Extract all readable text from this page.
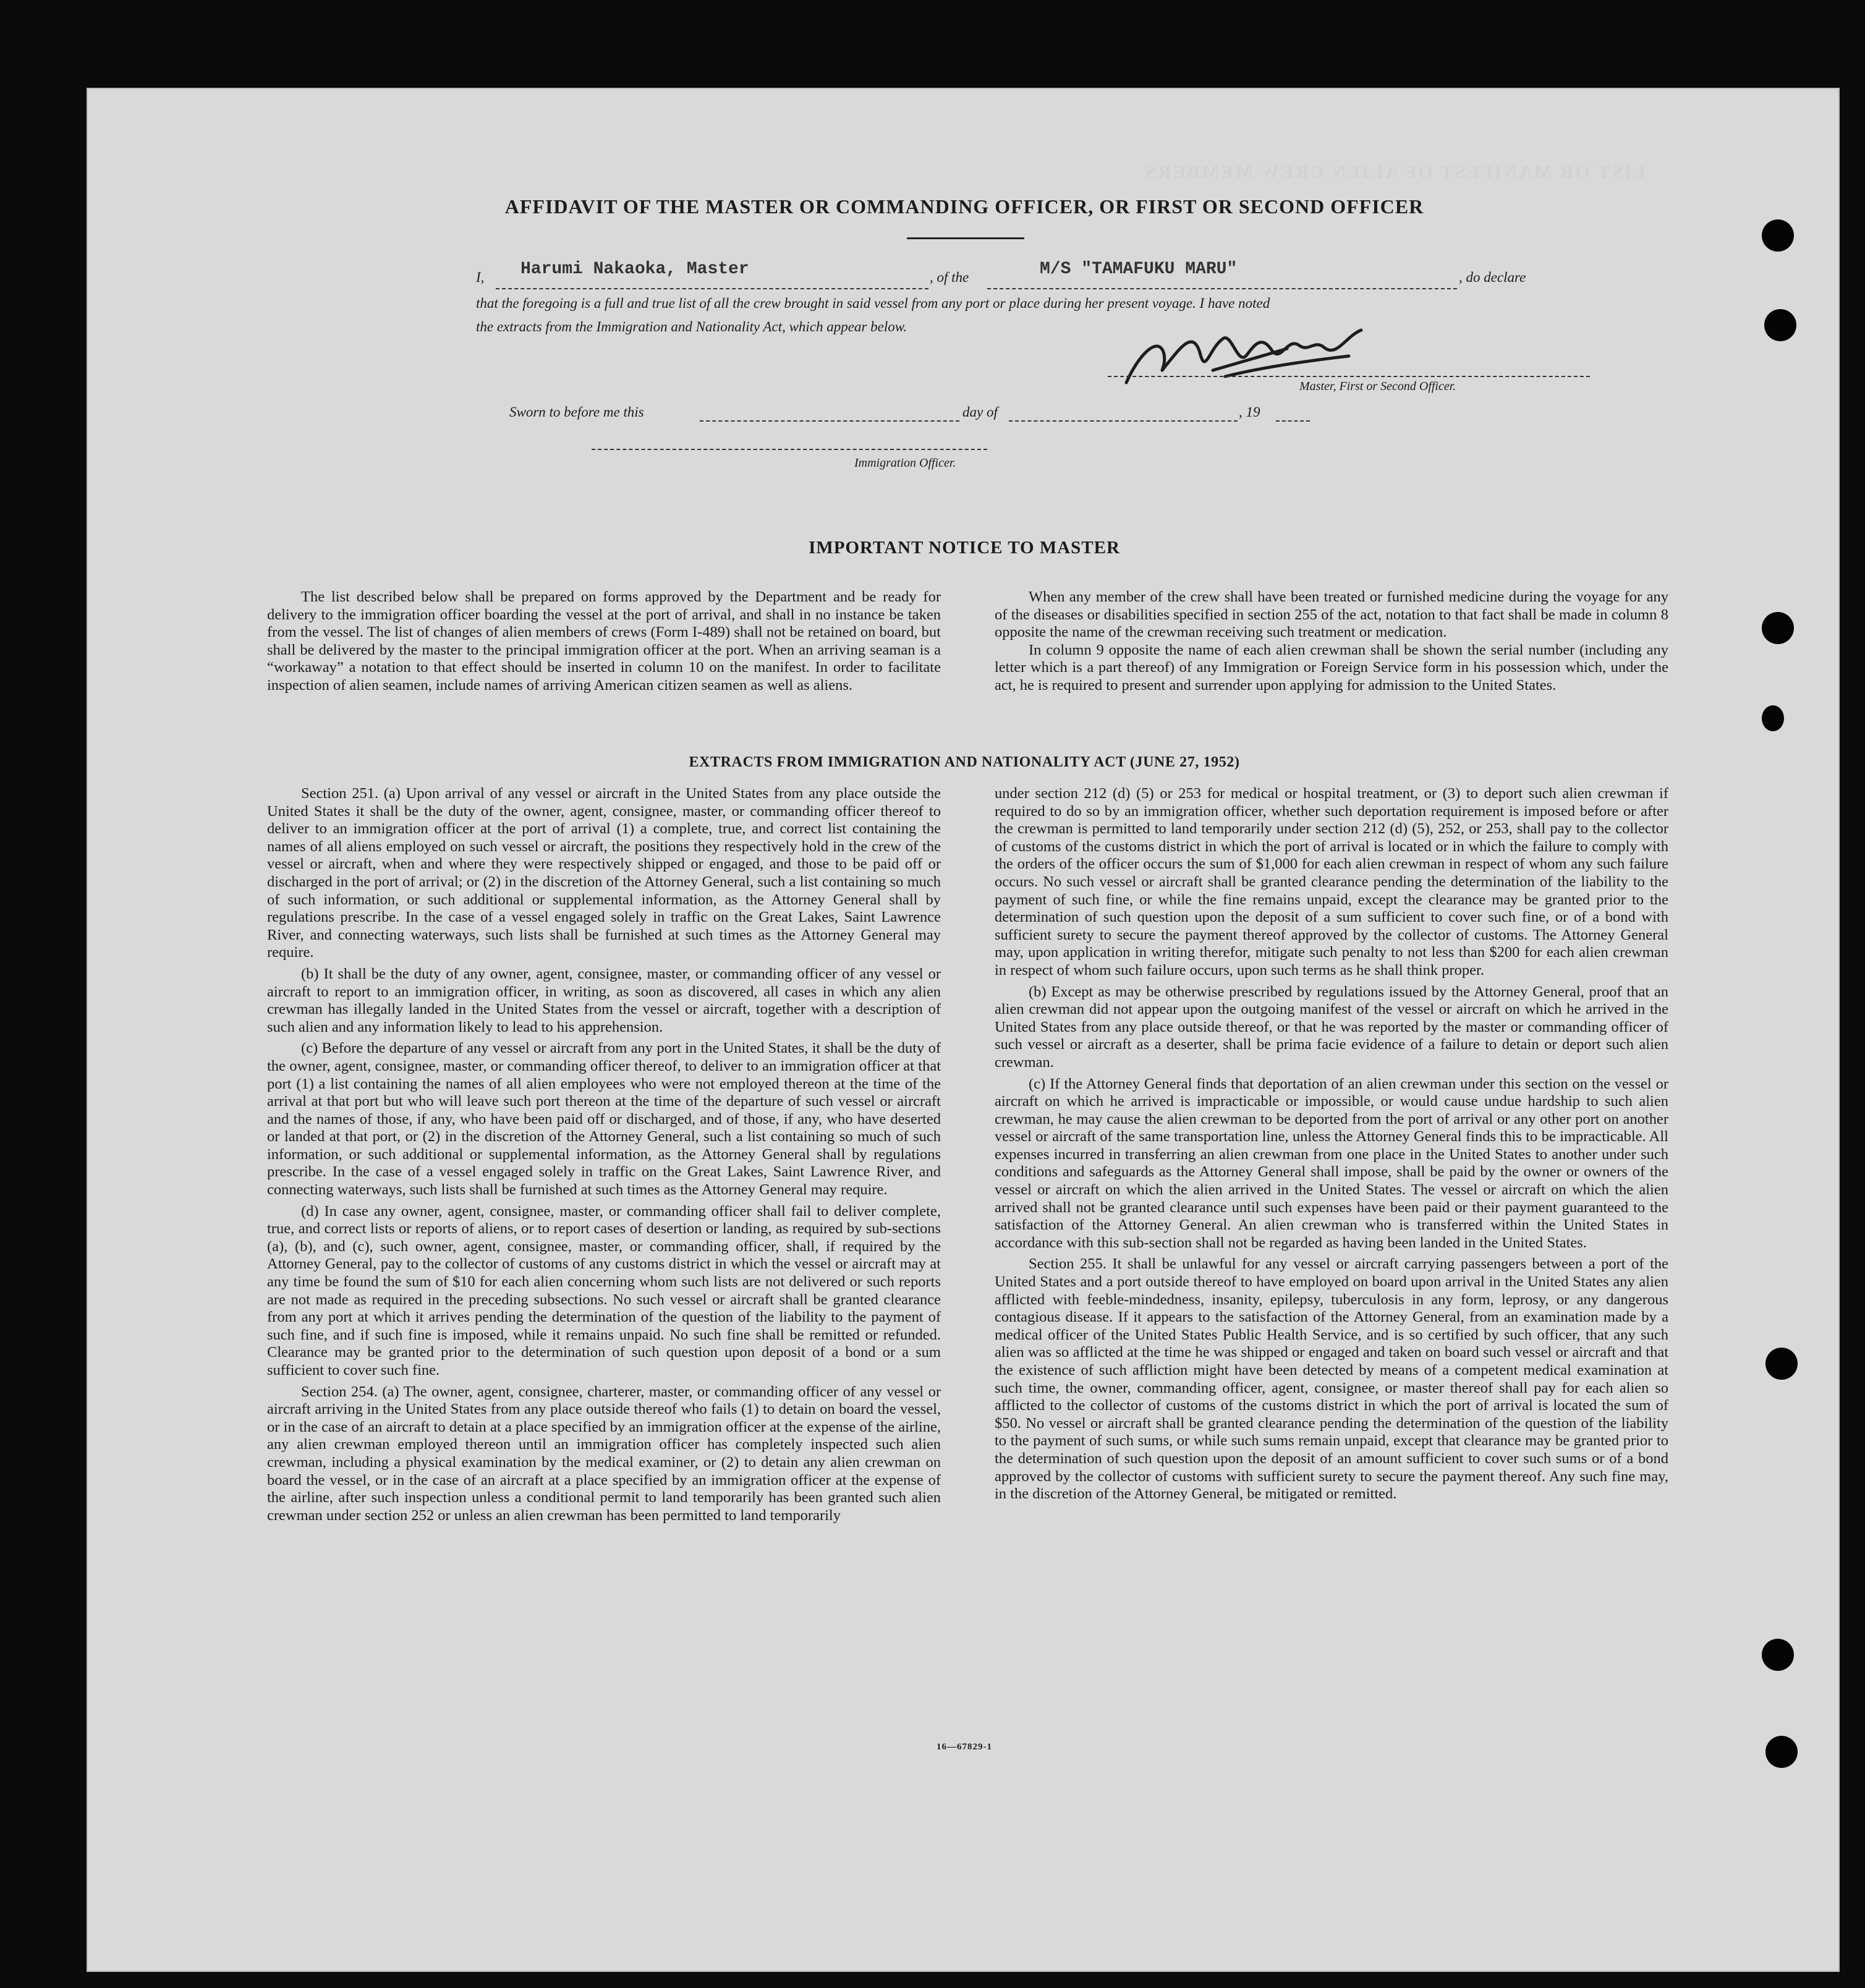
LIST OR MANIFEST OF ALIEN CREW MEMBERS
AFFIDAVIT OF THE MASTER OR COMMANDING OFFICER, OR FIRST OR SECOND OFFICER
I, Harumi Nakaoka, Master	, of the	M/S "TAMAFUKU MARU"	, do declare
that the foregoing is a full and true list of all the crew brought in said vessel from any port or place during her present voyage. I have noted
the extracts from the Immigration and Nationality Act, which appear below.
Master, First or Second Officer.
Sworn to before me this	day of	, 19
Immigration Officer.
IMPORTANT NOTICE TO MASTER

The list described below shall be prepared on forms approved by the Department and be ready for delivery to the immigration officer boarding the vessel at the port of arrival, and shall in no instance be taken from the vessel. The list of changes of alien members of crews (Form I-489) shall not be retained on board, but shall be delivered by the master to the principal immigration officer at the port. When an arriving seaman is a “workaway” a notation to that effect should be inserted in column 10 on the manifest. In order to facilitate inspection of alien seamen, include names of arriving American citizen seamen as well as aliens.

When any member of the crew shall have been treated or furnished medicine during the voyage for any of the diseases or disabilities specified in section 255 of the act, notation to that fact shall be made in column 8 opposite the name of the crewman receiving such treatment or medication.

In column 9 opposite the name of each alien crewman shall be shown the serial number (including any letter which is a part thereof) of any Immigration or Foreign Service form in his possession which, under the act, he is required to present and surrender upon applying for admission to the United States.

EXTRACTS FROM IMMIGRATION AND NATIONALITY ACT (JUNE 27, 1952)

Section 251. (a) Upon arrival of any vessel or aircraft in the United States from any place outside the United States it shall be the duty of the owner, agent, consignee, master, or commanding officer thereof to deliver to an immigration officer at the port of arrival (1) a complete, true, and correct list containing the names of all aliens employed on such vessel or aircraft, the positions they respectively hold in the crew of the vessel or aircraft, when and where they were respectively shipped or engaged, and those to be paid off or discharged in the port of arrival; or (2) in the discretion of the Attorney General, such a list containing so much of such information, or such additional or supplemental information, as the Attorney General shall by regulations prescribe. In the case of a vessel engaged solely in traffic on the Great Lakes, Saint Lawrence River, and connecting waterways, such lists shall be furnished at such times as the Attorney General may require.

(b) It shall be the duty of any owner, agent, consignee, master, or commanding officer of any vessel or aircraft to report to an immigration officer, in writing, as soon as discovered, all cases in which any alien crewman has illegally landed in the United States from the vessel or aircraft, together with a description of such alien and any information likely to lead to his apprehension.

(c) Before the departure of any vessel or aircraft from any port in the United States, it shall be the duty of the owner, agent, consignee, master, or commanding officer thereof, to deliver to an immigration officer at that port (1) a list containing the names of all alien employees who were not employed thereon at the time of the arrival at that port but who will leave such port thereon at the time of the departure of such vessel or aircraft and the names of those, if any, who have been paid off or discharged, and of those, if any, who have deserted or landed at that port, or (2) in the discretion of the Attorney General, such a list containing so much of such information, or such additional or supplemental information, as the Attorney General shall by regulations prescribe. In the case of a vessel engaged solely in traffic on the Great Lakes, Saint Lawrence River, and connecting waterways, such lists shall be furnished at such times as the Attorney General may require.

(d) In case any owner, agent, consignee, master, or commanding officer shall fail to deliver complete, true, and correct lists or reports of aliens, or to report cases of desertion or landing, as required by sub-sections (a), (b), and (c), such owner, agent, consignee, master, or commanding officer, shall, if required by the Attorney General, pay to the collector of customs of any customs district in which the vessel or aircraft may at any time be found the sum of $10 for each alien concerning whom such lists are not delivered or such reports are not made as required in the preceding subsections. No such vessel or aircraft shall be granted clearance from any port at which it arrives pending the determination of the question of the liability to the payment of such fine, and if such fine is imposed, while it remains unpaid. No such fine shall be remitted or refunded. Clearance may be granted prior to the determination of such question upon deposit of a bond or a sum sufficient to cover such fine.

Section 254. (a) The owner, agent, consignee, charterer, master, or commanding officer of any vessel or aircraft arriving in the United States from any place outside thereof who fails (1) to detain on board the vessel, or in the case of an aircraft to detain at a place specified by an immigration officer at the expense of the airline, any alien crewman employed thereon until an immigration officer has completely inspected such alien crewman, including a physical examination by the medical examiner, or (2) to detain any alien crewman on board the vessel, or in the case of an aircraft at a place specified by an immigration officer at the expense of the airline, after such inspection unless a conditional permit to land temporarily has been granted such alien crewman under section 252 or unless an alien crewman has been permitted to land temporarily

under section 212 (d) (5) or 253 for medical or hospital treatment, or (3) to deport such alien crewman if required to do so by an immigration officer, whether such deportation requirement is imposed before or after the crewman is permitted to land temporarily under section 212 (d) (5), 252, or 253, shall pay to the collector of customs of the customs district in which the port of arrival is located or in which the failure to comply with the orders of the officer occurs the sum of $1,000 for each alien crewman in respect of whom any such failure occurs. No such vessel or aircraft shall be granted clearance pending the determination of the liability to the payment of such fine, or while the fine remains unpaid, except the clearance may be granted prior to the determination of such question upon the deposit of a sum sufficient to cover such fine, or of a bond with sufficient surety to secure the payment thereof approved by the collector of customs. The Attorney General may, upon application in writing therefor, mitigate such penalty to not less than $200 for each alien crewman in respect of whom such failure occurs, upon such terms as he shall think proper.

(b) Except as may be otherwise prescribed by regulations issued by the Attorney General, proof that an alien crewman did not appear upon the outgoing manifest of the vessel or aircraft on which he arrived in the United States from any place outside thereof, or that he was reported by the master or commanding officer of such vessel or aircraft as a deserter, shall be prima facie evidence of a failure to detain or deport such alien crewman.

(c) If the Attorney General finds that deportation of an alien crewman under this section on the vessel or aircraft on which he arrived is impracticable or impossible, or would cause undue hardship to such alien crewman, he may cause the alien crewman to be deported from the port of arrival or any other port on another vessel or aircraft of the same transportation line, unless the Attorney General finds this to be impracticable. All expenses incurred in transferring an alien crewman from one place in the United States to another under such conditions and safeguards as the Attorney General shall impose, shall be paid by the owner or owners of the vessel or aircraft on which the alien arrived in the United States. The vessel or aircraft on which the alien arrived shall not be granted clearance until such expenses have been paid or their payment guaranteed to the satisfaction of the Attorney General. An alien crewman who is transferred within the United States in accordance with this sub-section shall not be regarded as having been landed in the United States.

Section 255. It shall be unlawful for any vessel or aircraft carrying passengers between a port of the United States and a port outside thereof to have employed on board upon arrival in the United States any alien afflicted with feeble-mindedness, insanity, epilepsy, tuberculosis in any form, leprosy, or any dangerous contagious disease. If it appears to the satisfaction of the Attorney General, from an examination made by a medical officer of the United States Public Health Service, and is so certified by such officer, that any such alien was so afflicted at the time he was shipped or engaged and taken on board such vessel or aircraft and that the existence of such affliction might have been detected by means of a competent medical examination at such time, the owner, commanding officer, agent, consignee, or master thereof shall pay for each alien so afflicted to the collector of customs of the customs district in which the port of arrival is located the sum of $50. No vessel or aircraft shall be granted clearance pending the determination of the question of the liability to the payment of such sums, or while such sums remain unpaid, except that clearance may be granted prior to the determination of such question upon the deposit of an amount sufficient to cover such sums or of a bond approved by the collector of customs with sufficient surety to secure the payment thereof. Any such fine may, in the discretion of the Attorney General, be mitigated or remitted.

16—67829-1
